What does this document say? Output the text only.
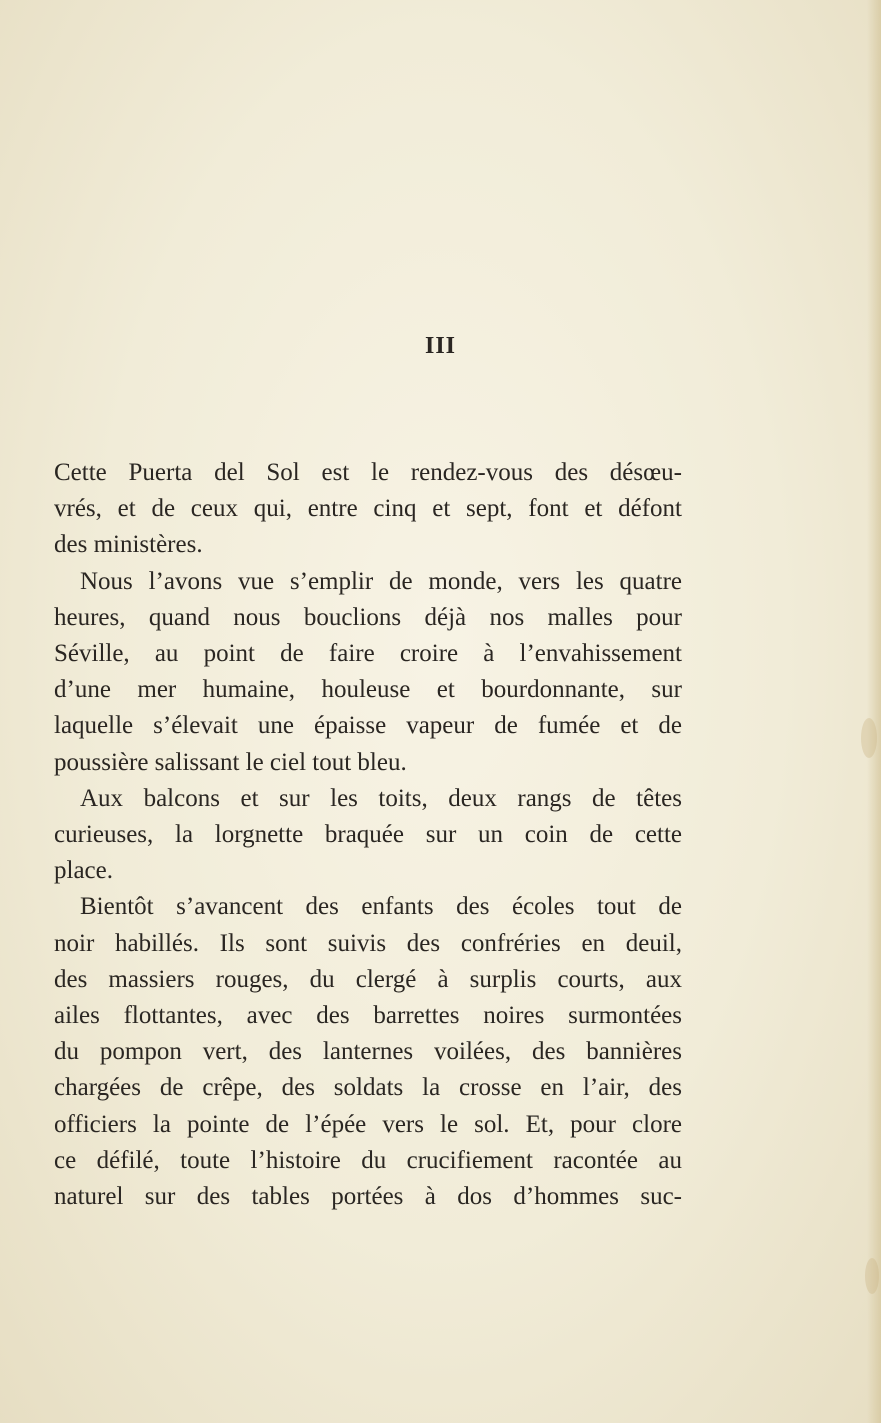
III
Cette Puerta del Sol est le rendez-vous des désœu-
vrés, et de ceux qui, entre cinq et sept, font et défont
des ministères.
Nous l’avons vue s’emplir de monde, vers les quatre
heures, quand nous bouclions déjà nos malles pour
Séville, au point de faire croire à l’envahissement
d’une mer humaine, houleuse et bourdonnante, sur
laquelle s’élevait une épaisse vapeur de fumée et de
poussière salissant le ciel tout bleu.
Aux balcons et sur les toits, deux rangs de têtes
curieuses, la lorgnette braquée sur un coin de cette
place.
Bientôt s’avancent des enfants des écoles tout de
noir habillés. Ils sont suivis des confréries en deuil,
des massiers rouges, du clergé à surplis courts, aux
ailes flottantes, avec des barrettes noires surmontées
du pompon vert, des lanternes voilées, des bannières
chargées de crêpe, des soldats la crosse en l’air, des
officiers la pointe de l’épée vers le sol. Et, pour clore
ce défilé, toute l’histoire du crucifiement racontée au
naturel sur des tables portées à dos d’hommes suc-
